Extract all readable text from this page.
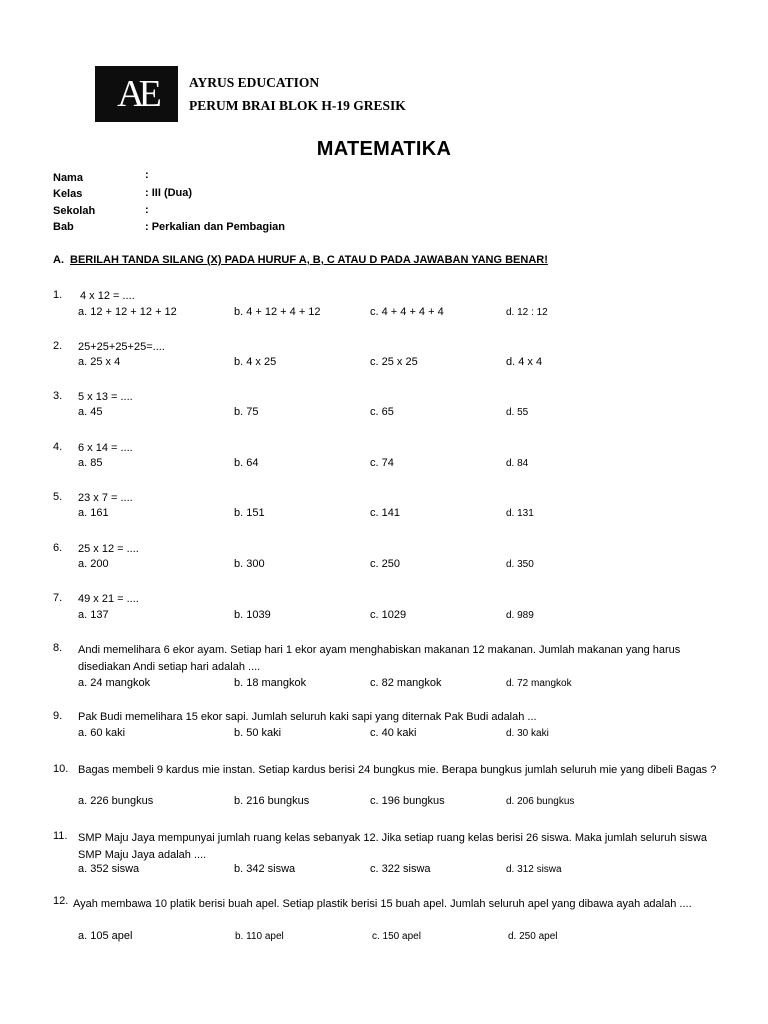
AE	AYRUS EDUCATION
PERUM BRAI BLOK H-19 GRESIK
MATEMATIKA
Nama	:
Kelas	: III (Dua)
Sekolah	:
Bab	: Perkalian dan Pembagian
A. BERILAH TANDA SILANG (X) PADA HURUF A, B, C ATAU D PADA JAWABAN YANG BENAR!
1. 4 x 12 = ....
a. 12 + 12 + 12 + 12	b. 4 + 12 + 4 + 12	c. 4 + 4 + 4 + 4	d. 12 : 12
2. 25+25+25+25=....
a. 25 x 4	b. 4 x 25	c. 25 x 25	d. 4 x 4
3. 5 x 13 = ....
a. 45	b. 75	c. 65	d. 55
4. 6 x 14 = ....
a. 85	b. 64	c. 74	d. 84
5. 23 x 7 = ....
a. 161	b. 151	c. 141	d. 131
6. 25 x 12 = ....
a. 200	b. 300	c. 250	d. 350
7. 49 x 21 = ....
a. 137	b. 1039	c. 1029	d. 989
8. Andi memelihara 6 ekor ayam. Setiap hari 1 ekor ayam menghabiskan makanan 12 makanan. Jumlah makanan yang harus disediakan Andi setiap hari adalah ....
a. 24 mangkok	b. 18 mangkok	c. 82 mangkok	d. 72 mangkok
9. Pak Budi memelihara 15 ekor sapi. Jumlah seluruh kaki sapi yang diternak Pak Budi adalah ...
a. 60 kaki	b. 50 kaki	c. 40 kaki	d. 30 kaki
10. Bagas membeli 9 kardus mie instan. Setiap kardus berisi 24 bungkus mie. Berapa bungkus jumlah seluruh mie yang dibeli Bagas ?
a. 226 bungkus	b. 216 bungkus	c. 196 bungkus	d. 206 bungkus
11. SMP Maju Jaya mempunyai jumlah ruang kelas sebanyak 12. Jika setiap ruang kelas berisi 26 siswa. Maka jumlah seluruh siswa SMP Maju Jaya adalah ....
a. 352 siswa	b. 342 siswa	c. 322 siswa	d. 312 siswa
12. Ayah membawa 10 platik berisi buah apel. Setiap plastik berisi 15 buah apel. Jumlah seluruh apel yang dibawa ayah adalah ....
a. 105 apel	b. 110 apel	c. 150 apel	d. 250 apel
